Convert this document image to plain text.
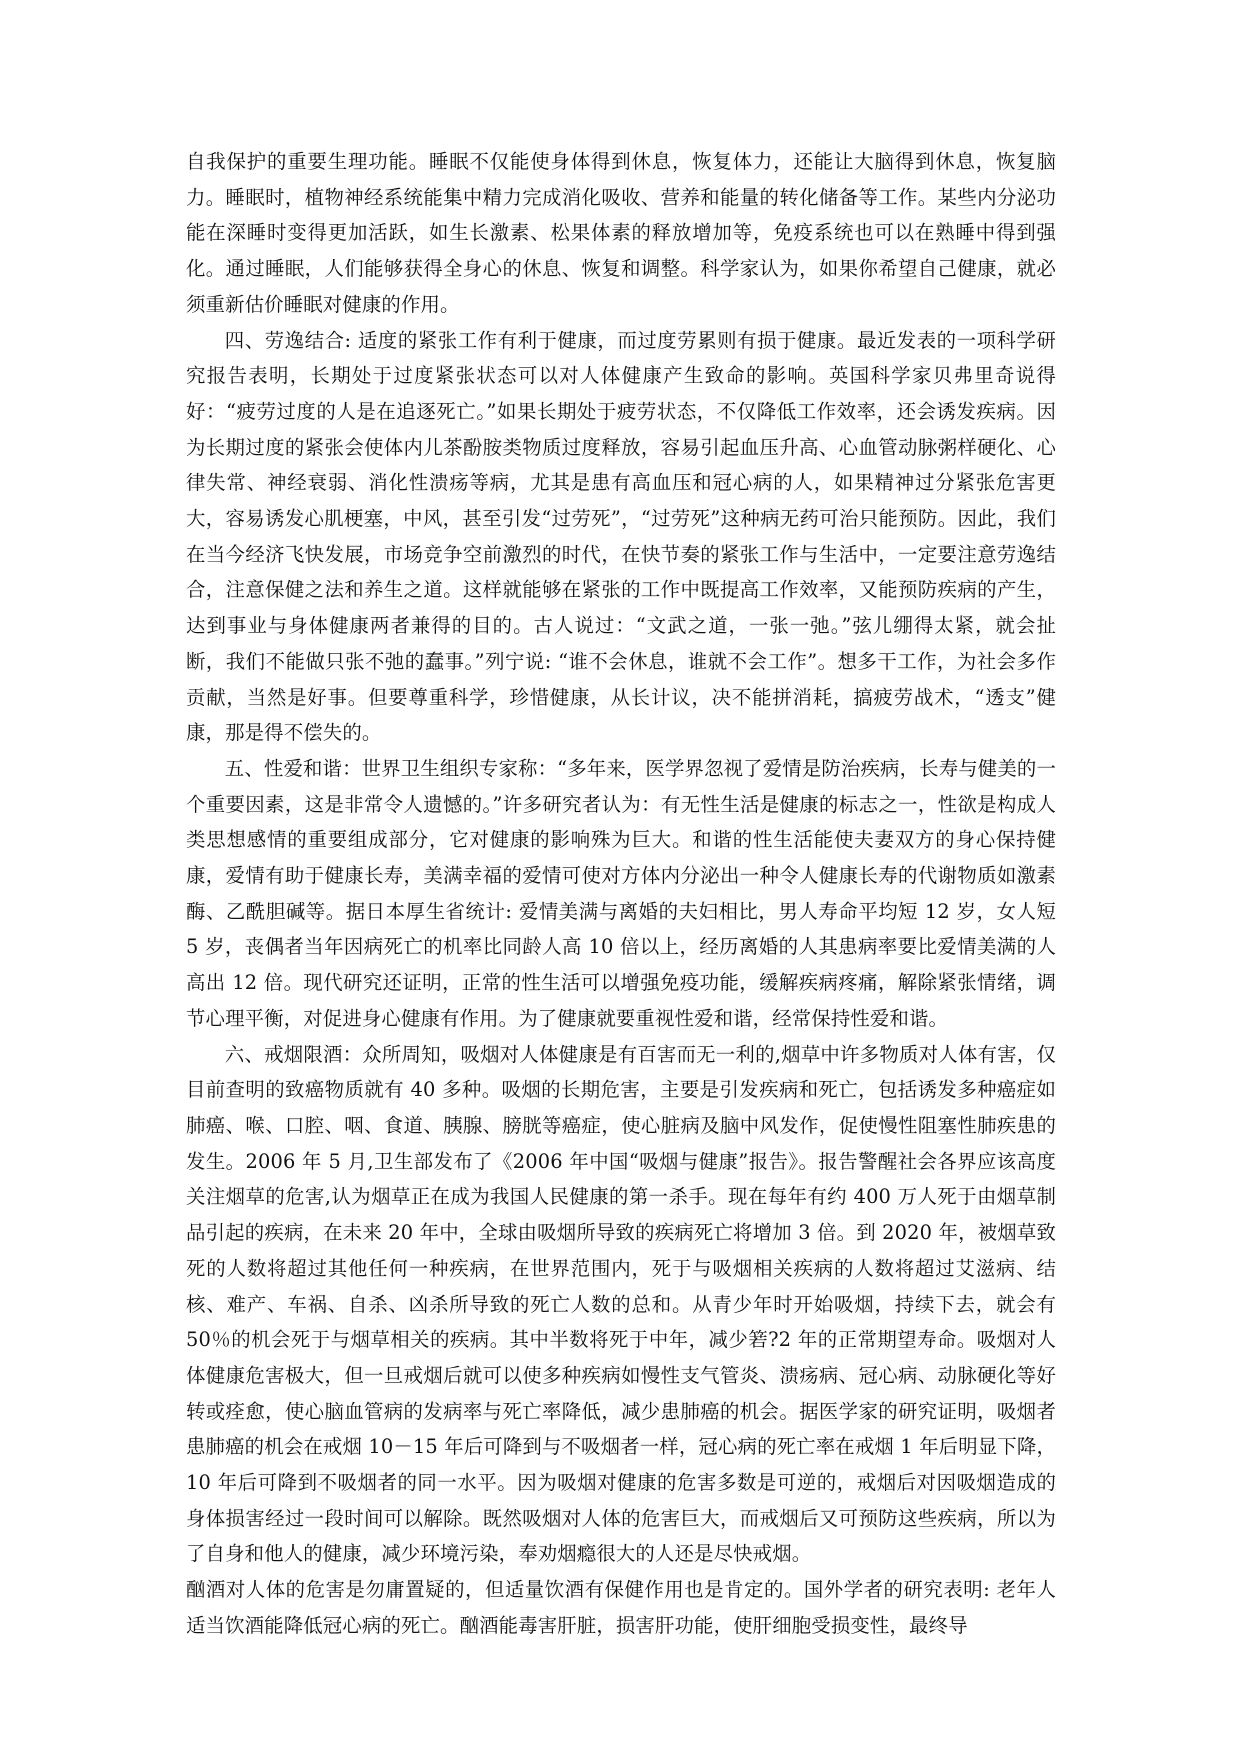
自我保护的重要生理功能。睡眠不仅能使身体得到休息，恢复体力，还能让大脑得到休息，恢复脑力。睡眠时，植物神经系统能集中精力完成消化吸收、营养和能量的转化储备等工作。某些内分泌功能在深睡时变得更加活跃，如生长激素、松果体素的释放增加等，免疫系统也可以在熟睡中得到强化。通过睡眠，人们能够获得全身心的休息、恢复和调整。科学家认为，如果你希望自己健康，就必须重新估价睡眠对健康的作用。

四、劳逸结合: 适度的紧张工作有利于健康，而过度劳累则有损于健康。最近发表的一项科学研究报告表明，长期处于过度紧张状态可以对人体健康产生致命的影响。英国科学家贝弗里奇说得好：“疲劳过度的人是在追逐死亡。”如果长期处于疲劳状态，不仅降低工作效率，还会诱发疾病。因为长期过度的紧张会使体内儿茶酚胺类物质过度释放，容易引起血压升高、心血管动脉粥样硬化、心律失常、神经衰弱、消化性溃疡等病，尤其是患有高血压和冠心病的人，如果精神过分紧张危害更大，容易诱发心肌梗塞，中风，甚至引发“过劳死”，“过劳死”这种病无药可治只能预防。因此，我们在当今经济飞快发展，市场竞争空前激烈的时代，在快节奏的紧张工作与生活中，一定要注意劳逸结合，注意保健之法和养生之道。这样就能够在紧张的工作中既提高工作效率，又能预防疾病的产生，达到事业与身体健康两者兼得的目的。古人说过：“文武之道，一张一弛。”弦儿绷得太紧，就会扯断，我们不能做只张不弛的蠢事。”列宁说: “谁不会休息，谁就不会工作”。想多干工作，为社会多作贡献，当然是好事。但要尊重科学，珍惜健康，从长计议，决不能拼消耗，搞疲劳战术，“透支”健康，那是得不偿失的。

五、性爱和谐：世界卫生组织专家称：“多年来，医学界忽视了爱情是防治疾病，长寿与健美的一个重要因素，这是非常令人遗憾的。”许多研究者认为：有无性生活是健康的标志之一，性欲是构成人类思想感情的重要组成部分，它对健康的影响殊为巨大。和谐的性生活能使夫妻双方的身心保持健康，爱情有助于健康长寿，美满幸福的爱情可使对方体内分泌出一种令人健康长寿的代谢物质如激素酶、乙酰胆碱等。据日本厚生省统计: 爱情美满与离婚的夫妇相比，男人寿命平均短 12 岁，女人短 5 岁，丧偶者当年因病死亡的机率比同龄人高 10 倍以上，经历离婚的人其患病率要比爱情美满的人高出 12 倍。现代研究还证明，正常的性生活可以增强免疫功能，缓解疾病疼痛，解除紧张情绪，调节心理平衡，对促进身心健康有作用。为了健康就要重视性爱和谐，经常保持性爱和谐。

六、戒烟限酒：众所周知，吸烟对人体健康是有百害而无一利的,烟草中许多物质对人体有害，仅目前查明的致癌物质就有 40 多种。吸烟的长期危害，主要是引发疾病和死亡，包括诱发多种癌症如肺癌、喉、口腔、咽、食道、胰腺、膀胱等癌症，使心脏病及脑中风发作，促使慢性阻塞性肺疾患的发生。2006 年 5 月,卫生部发布了《2006 年中国“吸烟与健康”报告》。报告警醒社会各界应该高度关注烟草的危害,认为烟草正在成为我国人民健康的第一杀手。现在每年有约 400 万人死于由烟草制品引起的疾病，在未来 20 年中，全球由吸烟所导致的疾病死亡将增加 3 倍。到 2020 年，被烟草致死的人数将超过其他任何一种疾病，在世界范围内，死于与吸烟相关疾病的人数将超过艾滋病、结核、难产、车祸、自杀、凶杀所导致的死亡人数的总和。从青少年时开始吸烟，持续下去，就会有 50％的机会死于与烟草相关的疾病。其中半数将死于中年，减少箬?2 年的正常期望寿命。吸烟对人体健康危害极大，但一旦戒烟后就可以使多种疾病如慢性支气管炎、溃疡病、冠心病、动脉硬化等好转或痊愈，使心脑血管病的发病率与死亡率降低，减少患肺癌的机会。据医学家的研究证明，吸烟者患肺癌的机会在戒烟 10－15 年后可降到与不吸烟者一样，冠心病的死亡率在戒烟 1 年后明显下降，10 年后可降到不吸烟者的同一水平。因为吸烟对健康的危害多数是可逆的，戒烟后对因吸烟造成的身体损害经过一段时间可以解除。既然吸烟对人体的危害巨大，而戒烟后又可预防这些疾病，所以为了自身和他人的健康，减少环境污染，奉劝烟瘾很大的人还是尽快戒烟。

酗酒对人体的危害是勿庸置疑的，但适量饮酒有保健作用也是肯定的。国外学者的研究表明: 老年人适当饮酒能降低冠心病的死亡。酗酒能毒害肝脏，损害肝功能，使肝细胞受损变性，最终导
